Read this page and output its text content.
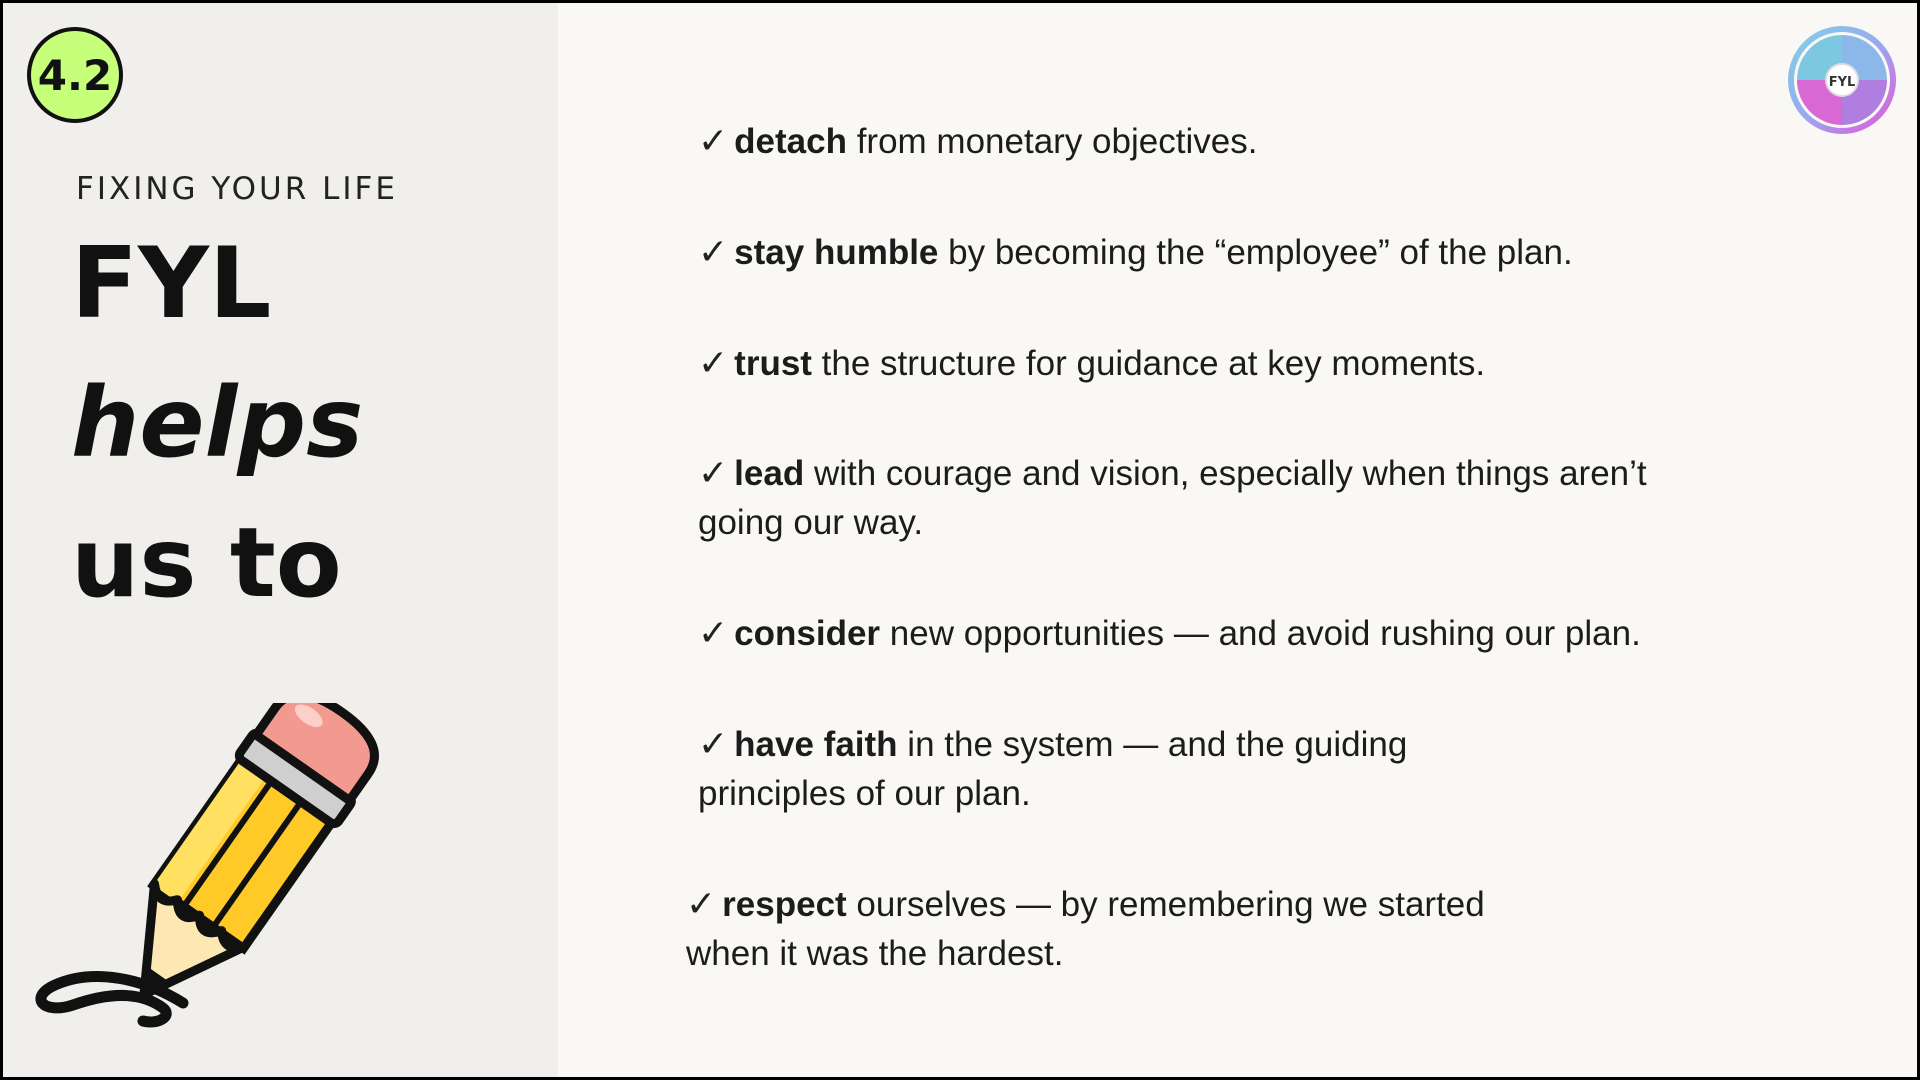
4.2
FIXING YOUR LIFE
FYL
helps
us to
FYL

✓ detach from monetary objectives.

✓ stay humble by becoming the “employee” of the plan.

✓ trust the structure for guidance at key moments.

✓ lead with courage and vision, especially when things aren’t going our way.

✓ consider new opportunities — and avoid rushing our plan.

✓ have faith in the system — and the guiding principles of our plan.

✓ respect ourselves — by remembering we started when it was the hardest.
